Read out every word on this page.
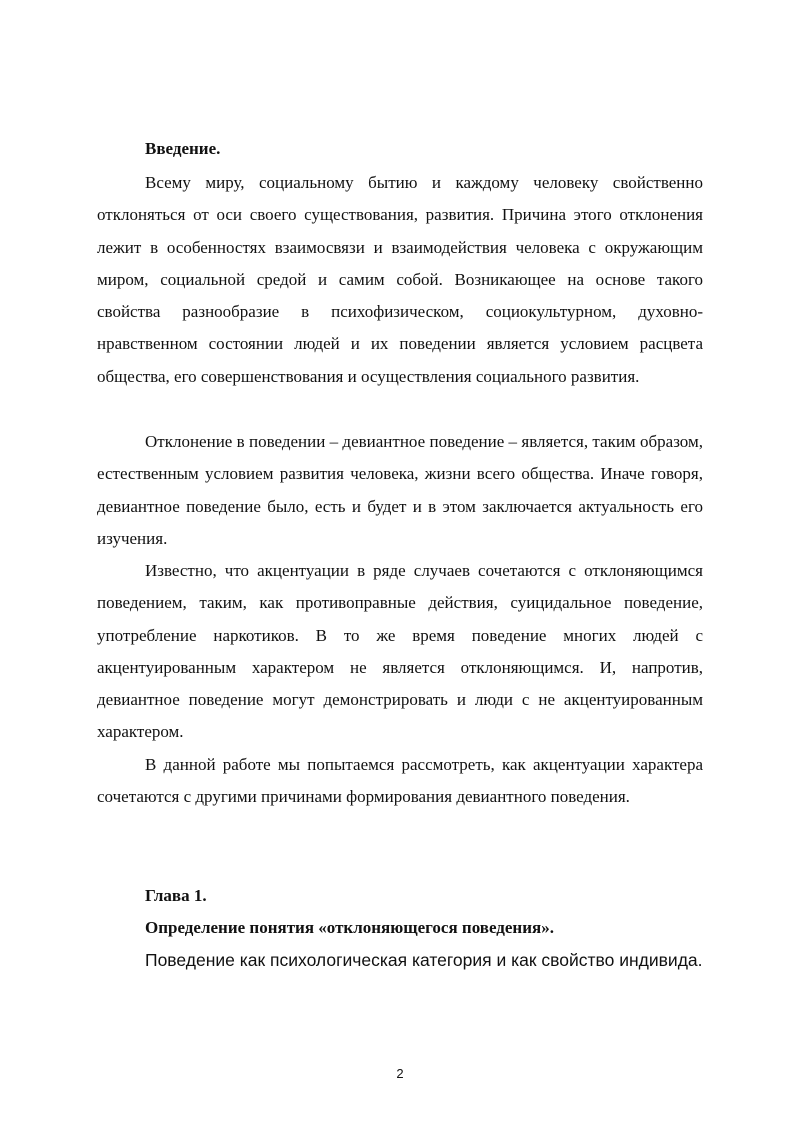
Введение.

Всему миру, социальному бытию и каждому человеку свойственно отклоняться от оси своего существования, развития. Причина этого отклонения лежит в особенностях взаимосвязи и взаимодействия человека с окружающим миром, социальной средой и самим собой. Возникающее на основе такого свойства разнообразие в психофизическом, социокультурном, духовно-нравственном состоянии людей и их поведении является условием расцвета общества, его совершенствования и осуществления социального развития.

Отклонение в поведении – девиантное поведение – является, таким образом, естественным условием развития человека, жизни всего общества. Иначе говоря, девиантное поведение было, есть и будет и в этом заключается актуальность его изучения.

Известно, что акцентуации в ряде случаев сочетаются с отклоняющимся поведением, таким, как противоправные действия, суицидальное поведение, употребление наркотиков. В то же время поведение многих людей с акцентуированным характером не является отклоняющимся. И, напротив, девиантное поведение могут демонстрировать и люди с не акцентуированным характером.

В данной работе мы попытаемся рассмотреть, как акцентуации характера сочетаются с другими причинами формирования девиантного поведения.

Глава 1.
Определение понятия «отклоняющегося поведения».

Поведение как психологическая категория и как свойство индивида.

2
